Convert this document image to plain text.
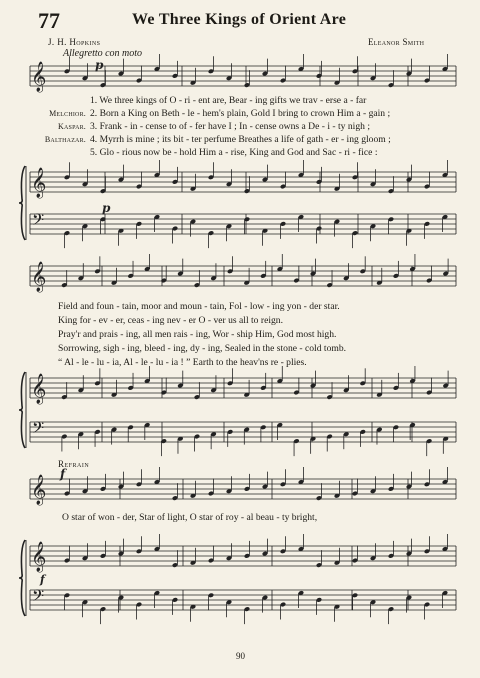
𝄞	p
𝄞
𝄢
p
𝄞
𝄞
𝄢
𝄞
f
𝄞
𝄢
f
77	We Three Kings of Orient Are
J. H. Hopkins	Eleanor Smith
Allegretto con moto
1. We three kings of O - ri - ent are, Bear - ing gifts we trav - erse a - far
Melchior. 2. Born a King on Beth - le - hem's plain, Gold I bring to crown Him a - gain ;
Kaspar. 3. Frank - in - cense to of - fer have I ; In - cense owns a De - i - ty nigh ;
Balthazar. 4. Myrrh is mine ; its bit - ter perfume Breathes a life of gath - er - ing gloom ;
5. Glo - rious now be - hold Him a - rise, King and God and Sac - ri - fice :
Field and foun - tain, moor and moun - tain, Fol - low - ing yon - der star.
King for - ev - er, ceas - ing nev - er O - ver us all to reign.
Pray'r and prais - ing, all men rais - ing, Wor - ship Him, God most high.
Sorrowing, sigh - ing, bleed - ing, dy - ing, Sealed in the stone - cold tomb.
“ Al - le - lu - ia, Al - le - lu - ia ! ” Earth to the heav'ns re - plies.
Refrain
O star of won - der, Star of light, O star of roy - al beau - ty bright,
90
